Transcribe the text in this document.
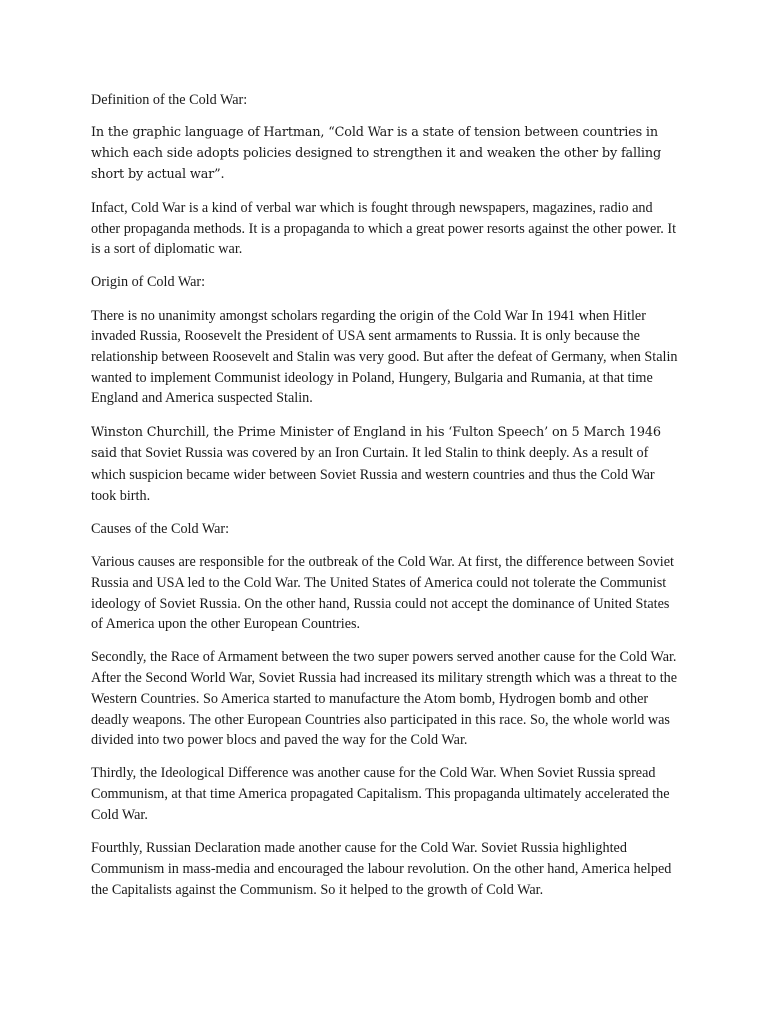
Definition of the Cold War:

In the graphic language of Hartman, “Cold War is a state of tension between countries in which each side adopts policies designed to strengthen it and weaken the other by falling short by actual war”.

Infact, Cold War is a kind of verbal war which is fought through newspapers, magazines, radio and other propaganda methods. It is a propaganda to which a great power resorts against the other power. It is a sort of diplomatic war.

Origin of Cold War:

There is no unanimity amongst scholars regarding the origin of the Cold War In 1941 when Hitler invaded Russia, Roosevelt the President of USA sent armaments to Russia. It is only because the relationship between Roosevelt and Stalin was very good. But after the defeat of Germany, when Stalin wanted to implement Communist ideology in Poland, Hungery, Bulgaria and Rumania, at that time England and America suspected Stalin.

Winston Churchill, the Prime Minister of England in his ‘Fulton Speech’ on 5 March 1946 said that Soviet Russia was covered by an Iron Curtain. It led Stalin to think deeply. As a result of which suspicion became wider between Soviet Russia and western countries and thus the Cold War took birth.

Causes of the Cold War:

Various causes are responsible for the outbreak of the Cold War. At first, the difference between Soviet Russia and USA led to the Cold War. The United States of America could not tolerate the Communist ideology of Soviet Russia. On the other hand, Russia could not accept the dominance of United States of America upon the other European Countries.

Secondly, the Race of Armament between the two super powers served another cause for the Cold War. After the Second World War, Soviet Russia had increased its military strength which was a threat to the Western Countries. So America started to manufacture the Atom bomb, Hydrogen bomb and other deadly weapons. The other European Countries also participated in this race. So, the whole world was divided into two power blocs and paved the way for the Cold War.

Thirdly, the Ideological Difference was another cause for the Cold War. When Soviet Russia spread Communism, at that time America propagated Capitalism. This propaganda ultimately accelerated the Cold War.

Fourthly, Russian Declaration made another cause for the Cold War. Soviet Russia highlighted Communism in mass-media and encouraged the labour revolution. On the other hand, America helped the Capitalists against the Communism. So it helped to the growth of Cold War.
